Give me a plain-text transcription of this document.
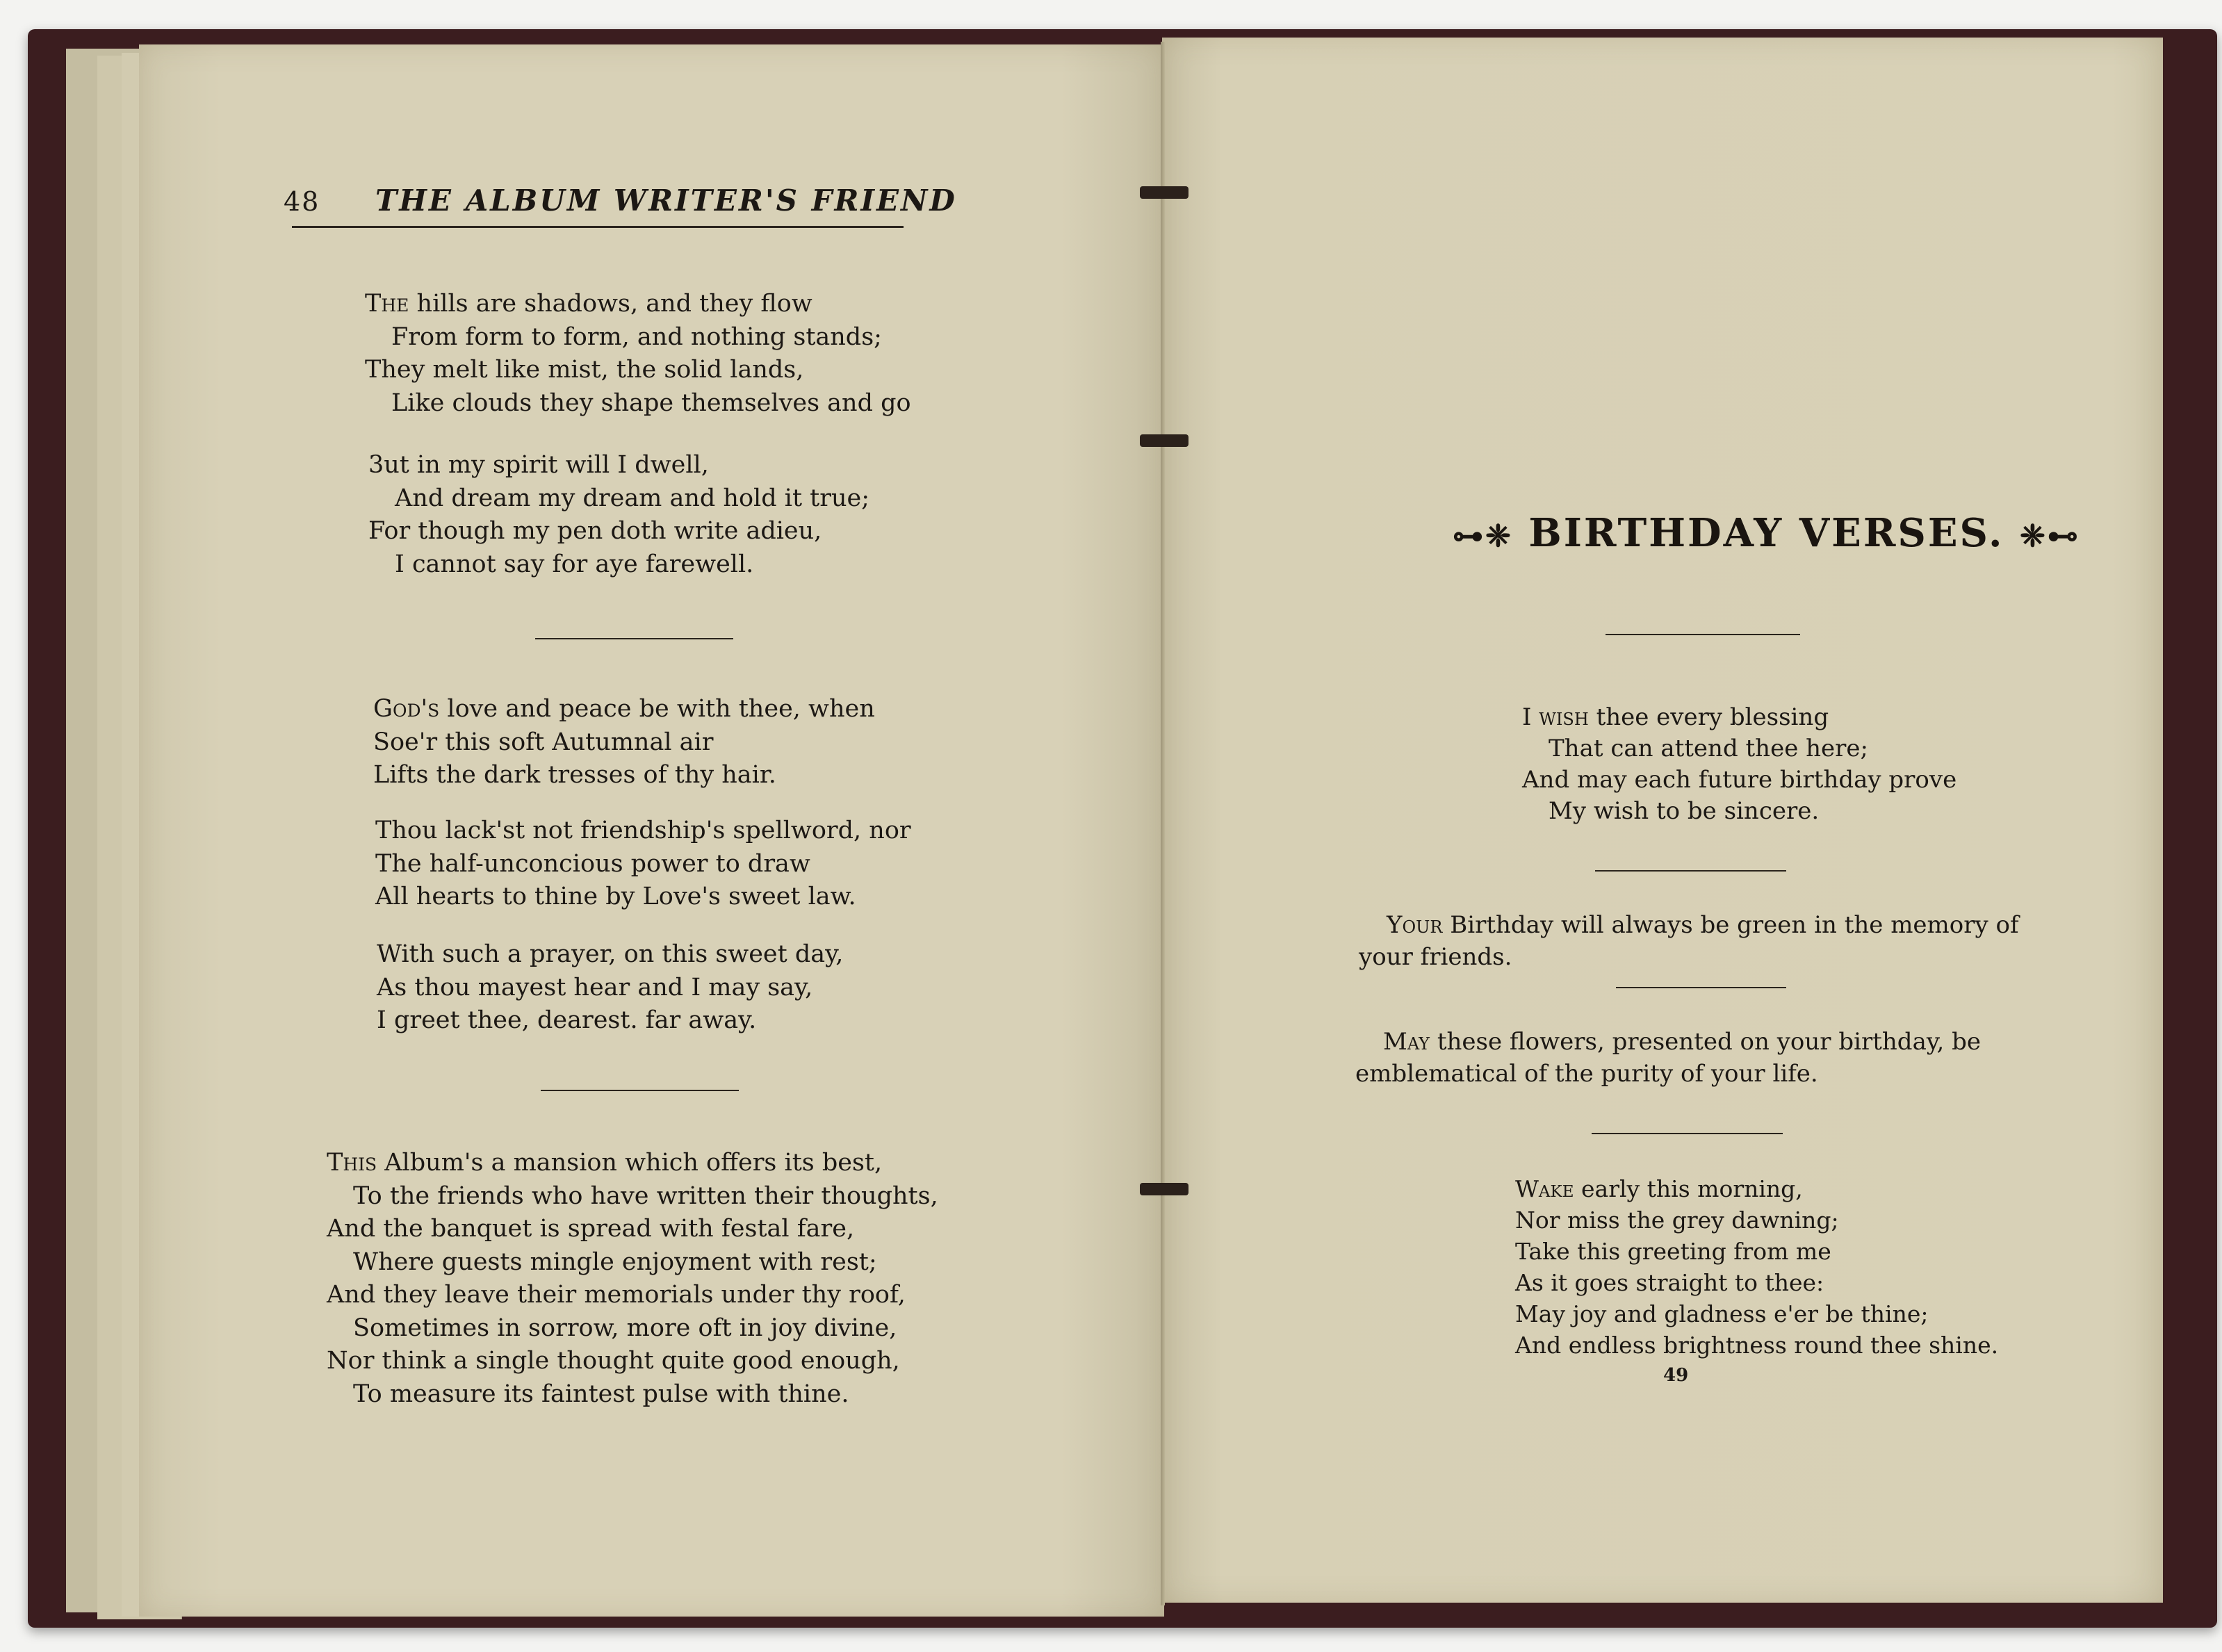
48 THE ALBUM WRITER'S FRIEND
The hills are shadows, and they flow
From form to form, and nothing stands;
They melt like mist, the solid lands,
Like clouds they shape themselves and go
3ut in my spirit will I dwell,
And dream my dream and hold it true;
For though my pen doth write adieu,
I cannot say for aye farewell.
God's love and peace be with thee, when
Soe'r this soft Autumnal air
Lifts the dark tresses of thy hair.
Thou lack'st not friendship's spellword, nor
The half-unconcious power to draw
All hearts to thine by Love's sweet law.
With such a prayer, on this sweet day,
As thou mayest hear and I may say,
I greet thee, dearest. far away.
This Album's a mansion which offers its best,
To the friends who have written their thoughts,
And the banquet is spread with festal fare,
Where guests mingle enjoyment with rest;
And they leave their memorials under thy roof,
Sometimes in sorrow, more oft in joy divine,
Nor think a single thought quite good enough,
To measure its faintest pulse with thine.
⊶❈ BIRTHDAY VERSES. ❈⊷
I wish thee every blessing
That can attend thee here;
And may each future birthday prove
My wish to be sincere.
Your Birthday will always be green in the memory of
your friends.
May these flowers, presented on your birthday, be
emblematical of the purity of your life.
Wake early this morning,
Nor miss the grey dawning;
Take this greeting from me
As it goes straight to thee:
May joy and gladness e'er be thine;
And endless brightness round thee shine.
49
